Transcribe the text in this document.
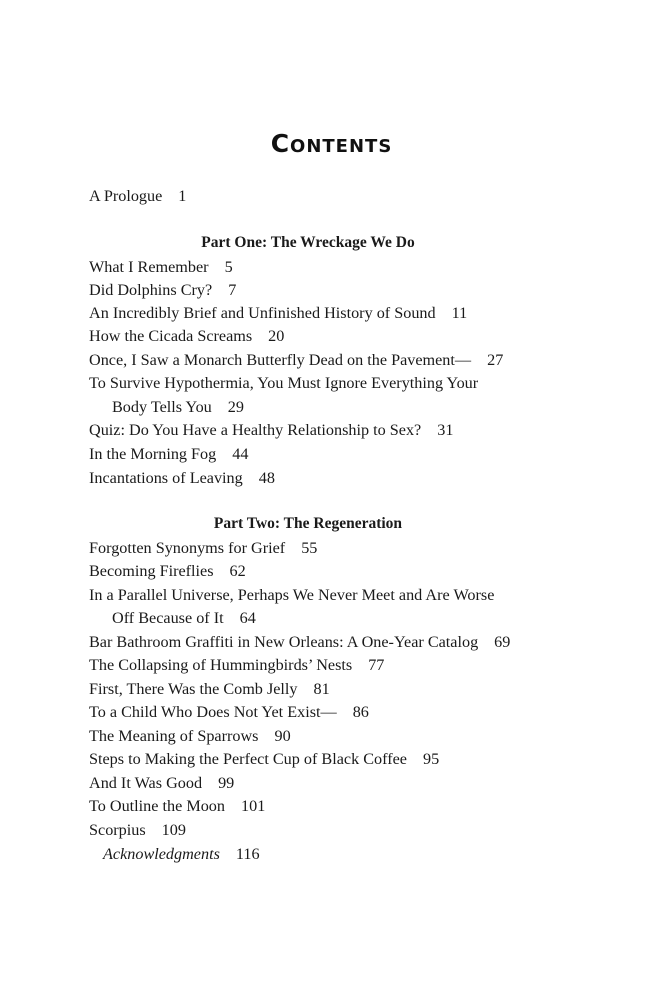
Contents
A Prologue 1
Part One: The Wreckage We Do
What I Remember 5
Did Dolphins Cry? 7
An Incredibly Brief and Unfinished History of Sound 11
How the Cicada Screams 20
Once, I Saw a Monarch Butterfly Dead on the Pavement— 27
To Survive Hypothermia, You Must Ignore Everything Your
Body Tells You 29
Quiz: Do You Have a Healthy Relationship to Sex? 31
In the Morning Fog 44
Incantations of Leaving 48
Part Two: The Regeneration
Forgotten Synonyms for Grief 55
Becoming Fireflies 62
In a Parallel Universe, Perhaps We Never Meet and Are Worse
Off Because of It 64
Bar Bathroom Graffiti in New Orleans: A One-Year Catalog 69
The Collapsing of Hummingbirds’ Nests 77
First, There Was the Comb Jelly 81
To a Child Who Does Not Yet Exist— 86
The Meaning of Sparrows 90
Steps to Making the Perfect Cup of Black Coffee 95
And It Was Good 99
To Outline the Moon 101
Scorpius 109
Acknowledgments 116
